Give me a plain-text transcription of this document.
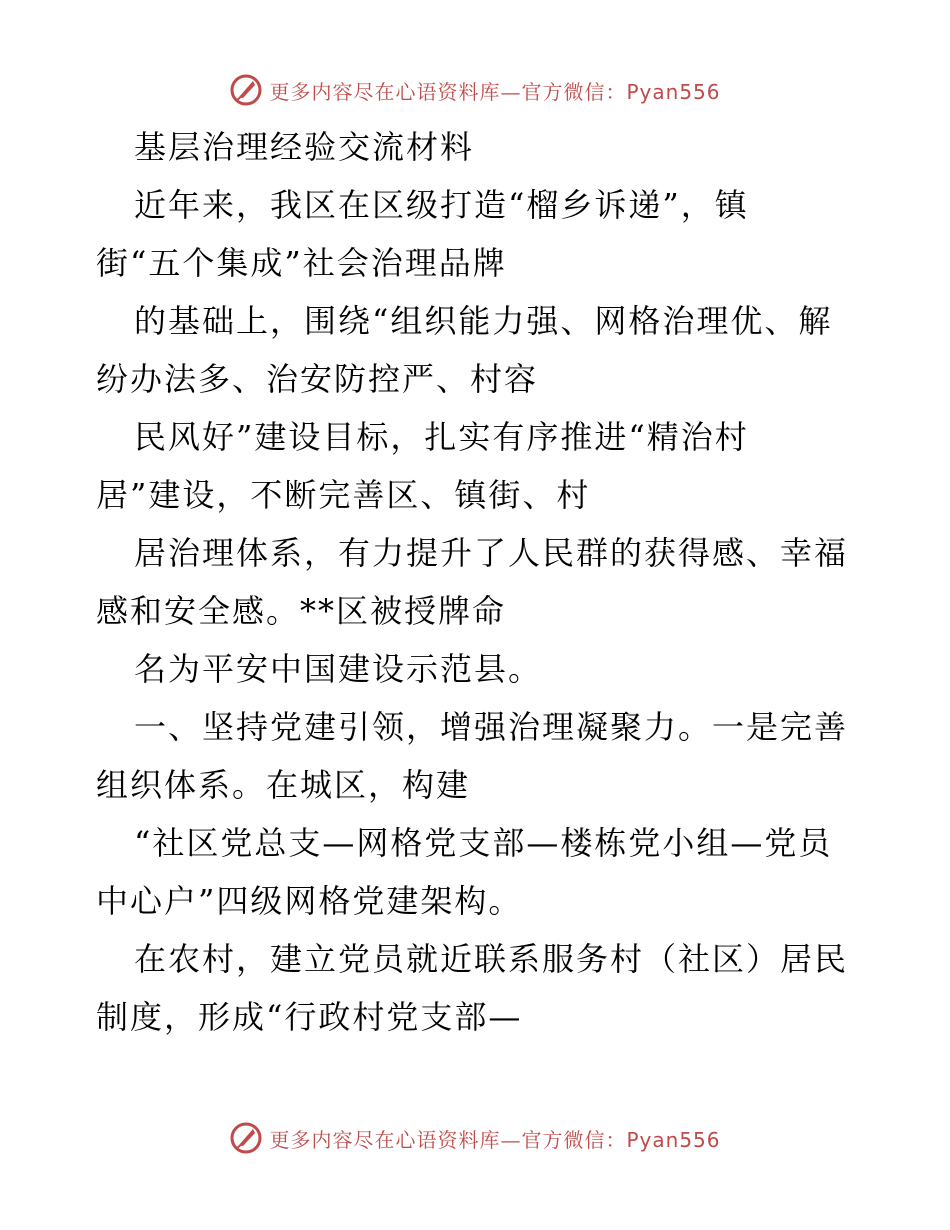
更多内容尽在心语资料库—官方微信：Pyan556
基层治理经验交流材料
近年来，我区在区级打造“榴乡诉递”，镇
街“五个集成”社会治理品牌
的基础上，围绕“组织能力强、网格治理优、解
纷办法多、治安防控严、村容
民风好”建设目标，扎实有序推进“精治村
居”建设，不断完善区、镇街、村
居治理体系，有力提升了人民群的获得感、幸福
感和安全感。**区被授牌命
名为平安中国建设示范县。
一、坚持党建引领，增强治理凝聚力。一是完善
组织体系。在城区，构建
“社区党总支—网格党支部—楼栋党小组—党员
中心户”四级网格党建架构。
在农村，建立党员就近联系服务村（社区）居民
制度，形成“行政村党支部—
更多内容尽在心语资料库—官方微信：Pyan556
